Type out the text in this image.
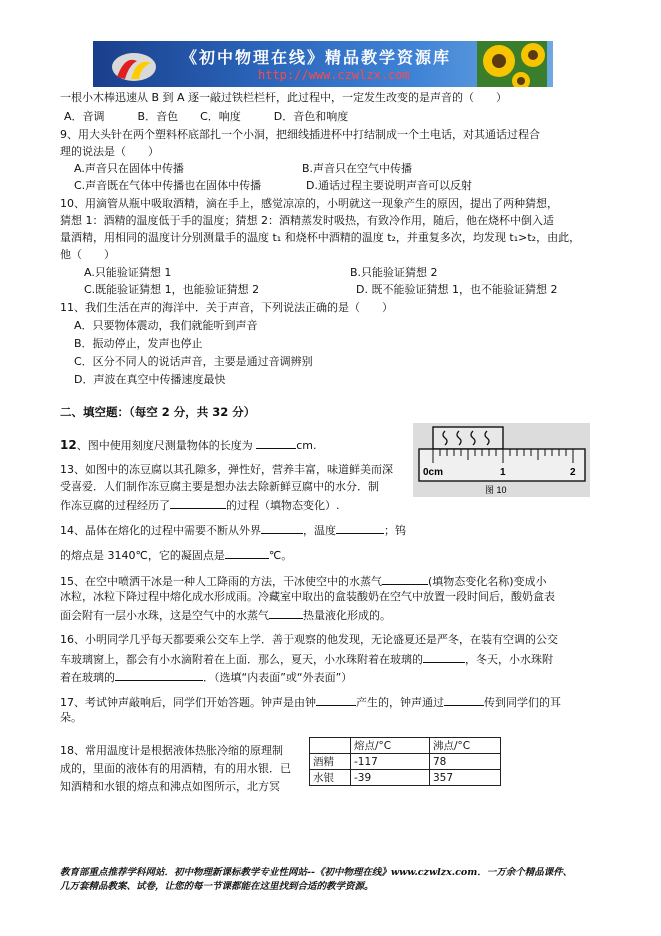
《初中物理在线》精品教学资源库
http://www.czwlzx.com
一根小木棒迅速从 B 到 A 逐一敲过铁栏栏杆，此过程中，一定发生改变的是声音的（　　）
A．音调　　　B．音色　　C．响度　　　D．音色和响度
9、用大头针在两个塑料杯底部扎一个小洞，把细线插进杯中打结制成一个土电话，对其通话过程合
理的说法是（　　）
A.声音只在固体中传播	B.声音只在空气中传播
C.声音既在气体中传播也在固体中传播	D.通话过程主要说明声音可以反射
10、用滴管从瓶中吸取酒精，滴在手上，感觉凉凉的，小明就这一现象产生的原因，提出了两种猜想，
猜想 1：酒精的温度低于手的温度；猜想 2：酒精蒸发时吸热，有致冷作用，随后，他在烧杯中倒入适
量酒精，用相同的温度计分别测量手的温度 t₁ 和烧杯中酒精的温度 t₂，并重复多次，均发现 t₁>t₂，由此，
他（　　）
A.只能验证猜想 1	B.只能验证猜想 2
C.既能验证猜想 1，也能验证猜想 2	D. 既不能验证猜想 1，也不能验证猜想 2
11、我们生活在声的海洋中．关于声音，下列说法正确的是（　　）
A．只要物体震动，我们就能听到声音
B．振动停止，发声也停止
C．区分不同人的说话声音，主要是通过音调辨别
D．声波在真空中传播速度最快
二、填空题：（每空 2 分，共 32 分）
12、图中使用刻度尺测量物体的长度为	cm.
0cm	1	2
图 10
13、如图中的冻豆腐以其孔隙多，弹性好，营养丰富，味道鲜美而深
受喜爱．人们制作冻豆腐主要是想办法去除新鲜豆腐中的水分．制
作冻豆腐的过程经历了	的过程（填物态变化）.
14、晶体在熔化的过程中需要不断从外界	，温度	；钨
的熔点是 3140℃，它的凝固点是	℃。
15、在空中喷洒干冰是一种人工降雨的方法，干冰使空中的水蒸气	(填物态变化名称)变成小
冰粒，冰粒下降过程中熔化成水形成雨。冷藏室中取出的盒装酸奶在空气中放置一段时间后，酸奶盒表
面会附有一层小水珠，这是空气中的水蒸气	热量液化形成的。
16、小明同学几乎每天都要乘公交车上学．善于观察的他发现，无论盛夏还是严冬，在装有空调的公交
车玻璃窗上，都会有小水滴附着在上面．那么，夏天，小水珠附着在玻璃的	，冬天，小水珠附
着在玻璃的	．（选填“内表面”或“外表面”）
17、考试钟声敲响后，同学们开始答题。钟声是由钟	产生的，钟声通过	传到同学们的耳
朵。
18、常用温度计是根据液体热胀冷缩的原理制
成的，里面的液体有的用酒精，有的用水银．已
知酒精和水银的熔点和沸点如图所示，北方冥
	熔点/°C	沸点/°C
酒精	-117	78
水银	-39	357
教育部重点推荐学科网站．初中物理新课标教学专业性网站--《初中物理在线》www.czwlzx.com．一万余个精品课件、
几万套精品教案、试卷，让您的每一节课都能在这里找到合适的教学资源。
